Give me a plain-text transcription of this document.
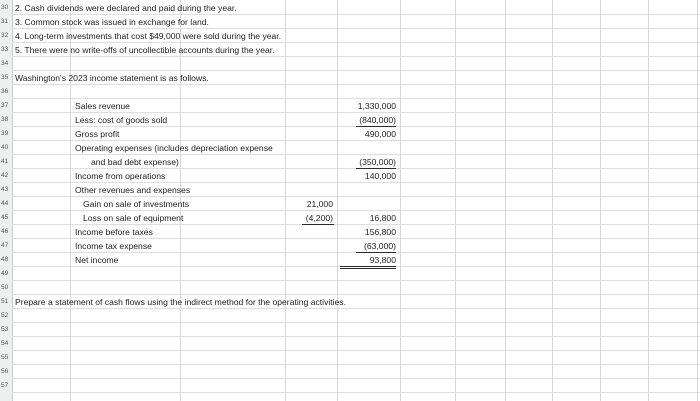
30
31
32
33
34
35
36
37
38
39
40
41
42
43
44
45
46
47
48
49
50
51
52
53
54
55
56
57
2. Cash dividends were declared and paid during the year.
3. Common stock was issued in exchange for land.
4. Long-term investments that cost $49,000 were sold during the year.
5. There were no write-offs of uncollectible accounts during the year.
Washington's 2023 income statement is as follows.
Sales revenue
Less: cost of goods sold
Gross profit
Operating expenses (includes depreciation expense
and bad debt expense)
Income from operations
Other revenues and expenses
Gain on sale of investments
Loss on sale of equipment
Income before taxes
Income tax expense
Net income
21,000
(4,200)
1,330,000
(840,000)
490,000
(350,000)
140,000
16,800
156,800
(63,000)
93,800
Prepare a statement of cash flows using the indirect method for the operating activities.
